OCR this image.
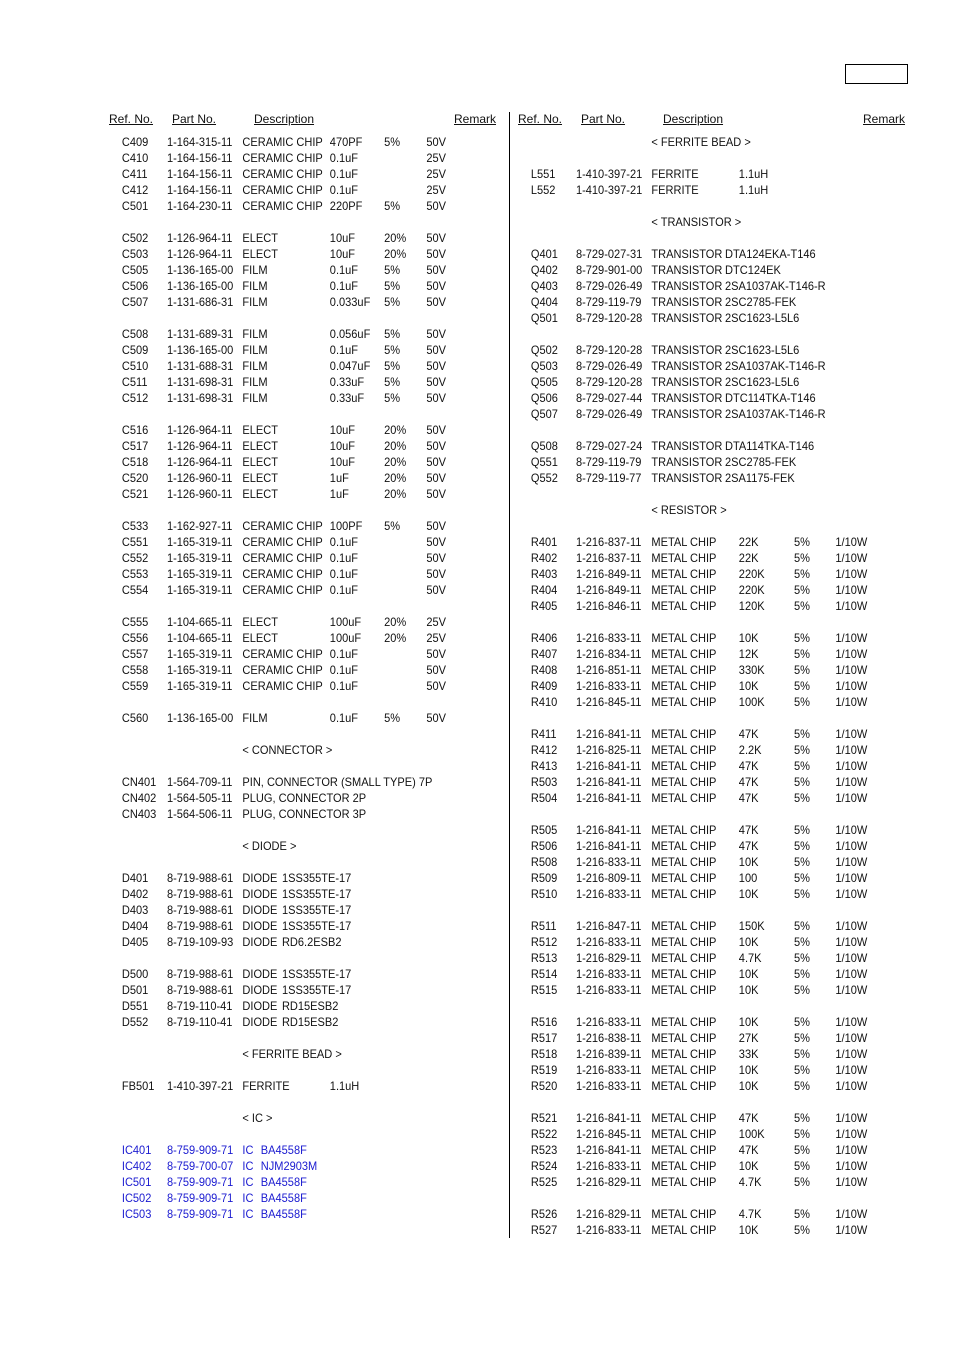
Ref. No. Part No.	Description	Remark
C409 1-164-315-11 CERAMIC CHIP 470PF 5% 50V
C410 1-164-156-11 CERAMIC CHIP 0.1uF	25V
C411 1-164-156-11 CERAMIC CHIP 0.1uF	25V
C412 1-164-156-11 CERAMIC CHIP 0.1uF	25V
C501 1-164-230-11 CERAMIC CHIP 220PF 5% 50V
C502 1-126-964-11 ELECT	10uF 20% 50V
C503 1-126-964-11 ELECT	10uF 20% 50V
C505 1-136-165-00 FILM	0.1uF 5% 50V
C506 1-136-165-00 FILM	0.1uF 5% 50V
C507 1-131-686-31 FILM	0.033uF 5% 50V
C508 1-131-689-31 FILM	0.056uF 5% 50V
C509 1-136-165-00 FILM	0.1uF 5% 50V
C510 1-131-688-31 FILM	0.047uF 5% 50V
C511 1-131-698-31 FILM	0.33uF 5% 50V
C512 1-131-698-31 FILM	0.33uF 5% 50V
C516 1-126-964-11 ELECT	10uF 20% 50V
C517 1-126-964-11 ELECT	10uF 20% 50V
C518 1-126-964-11 ELECT	10uF 20% 50V
C520 1-126-960-11 ELECT	1uF	20% 50V
C521 1-126-960-11 ELECT	1uF	20% 50V
C533 1-162-927-11 CERAMIC CHIP 100PF 5% 50V
C551 1-165-319-11 CERAMIC CHIP 0.1uF	50V
C552 1-165-319-11 CERAMIC CHIP 0.1uF	50V
C553 1-165-319-11 CERAMIC CHIP 0.1uF	50V
C554 1-165-319-11 CERAMIC CHIP 0.1uF	50V
C555 1-104-665-11 ELECT	100uF 20% 25V
C556 1-104-665-11 ELECT	100uF 20% 25V
C557 1-165-319-11 CERAMIC CHIP 0.1uF	50V
C558 1-165-319-11 CERAMIC CHIP 0.1uF	50V
C559 1-165-319-11 CERAMIC CHIP 0.1uF	50V
C560 1-136-165-00 FILM	0.1uF 5% 50V
< CONNECTOR >
CN401 1-564-709-11 PIN, CONNECTOR (SMALL TYPE) 7P
CN402 1-564-505-11 PLUG, CONNECTOR 2P
CN403 1-564-506-11 PLUG, CONNECTOR 3P
< DIODE >
D401 8-719-988-61 DIODE 1SS355TE-17
D402 8-719-988-61 DIODE 1SS355TE-17
D403 8-719-988-61 DIODE 1SS355TE-17
D404 8-719-988-61 DIODE 1SS355TE-17
D405 8-719-109-93 DIODE RD6.2ESB2
D500 8-719-988-61 DIODE 1SS355TE-17
D501 8-719-988-61 DIODE 1SS355TE-17
D551 8-719-110-41 DIODE RD15ESB2
D552 8-719-110-41 DIODE RD15ESB2
< FERRITE BEAD >
FB501 1-410-397-21 FERRITE	1.1uH
< IC >
IC401 8-759-909-71 IC BA4558F
IC402 8-759-700-07 IC NJM2903M
IC501 8-759-909-71 IC BA4558F
IC502 8-759-909-71 IC BA4558F
IC503 8-759-909-71 IC BA4558F
Ref. No. Part No.	Description	Remark
< FERRITE BEAD >
L551 1-410-397-21 FERRITE	1.1uH
L552 1-410-397-21 FERRITE	1.1uH
< TRANSISTOR >
Q401 8-729-027-31 TRANSISTOR DTA124EKA-T146
Q402 8-729-901-00 TRANSISTOR DTC124EK
Q403 8-729-026-49 TRANSISTOR 2SA1037AK-T146-R
Q404 8-729-119-79 TRANSISTOR 2SC2785-FEK
Q501 8-729-120-28 TRANSISTOR 2SC1623-L5L6
Q502 8-729-120-28 TRANSISTOR 2SC1623-L5L6
Q503 8-729-026-49 TRANSISTOR 2SA1037AK-T146-R
Q505 8-729-120-28 TRANSISTOR 2SC1623-L5L6
Q506 8-729-027-44 TRANSISTOR DTC114TKA-T146
Q507 8-729-026-49 TRANSISTOR 2SA1037AK-T146-R
Q508 8-729-027-24 TRANSISTOR DTA114TKA-T146
Q551 8-729-119-79 TRANSISTOR 2SC2785-FEK
Q552 8-729-119-77 TRANSISTOR 2SA1175-FEK
< RESISTOR >
R401 1-216-837-11 METAL CHIP 22K	5% 1/10W
R402 1-216-837-11 METAL CHIP 22K	5% 1/10W
R403 1-216-849-11 METAL CHIP 220K 5% 1/10W
R404 1-216-849-11 METAL CHIP 220K 5% 1/10W
R405 1-216-846-11 METAL CHIP 120K 5% 1/10W
R406 1-216-833-11 METAL CHIP 10K	5% 1/10W
R407 1-216-834-11 METAL CHIP 12K	5% 1/10W
R408 1-216-851-11 METAL CHIP 330K 5% 1/10W
R409 1-216-833-11 METAL CHIP 10K	5% 1/10W
R410 1-216-845-11 METAL CHIP 100K 5% 1/10W
R411 1-216-841-11 METAL CHIP 47K	5% 1/10W
R412 1-216-825-11 METAL CHIP 2.2K	5% 1/10W
R413 1-216-841-11 METAL CHIP 47K	5% 1/10W
R503 1-216-841-11 METAL CHIP 47K	5% 1/10W
R504 1-216-841-11 METAL CHIP 47K	5% 1/10W
R505 1-216-841-11 METAL CHIP 47K	5% 1/10W
R506 1-216-841-11 METAL CHIP 47K	5% 1/10W
R508 1-216-833-11 METAL CHIP 10K	5% 1/10W
R509 1-216-809-11 METAL CHIP 100	5% 1/10W
R510 1-216-833-11 METAL CHIP 10K	5% 1/10W
R511 1-216-847-11 METAL CHIP 150K 5% 1/10W
R512 1-216-833-11 METAL CHIP 10K	5% 1/10W
R513 1-216-829-11 METAL CHIP 4.7K	5% 1/10W
R514 1-216-833-11 METAL CHIP 10K	5% 1/10W
R515 1-216-833-11 METAL CHIP 10K	5% 1/10W
R516 1-216-833-11 METAL CHIP 10K	5% 1/10W
R517 1-216-838-11 METAL CHIP 27K	5% 1/10W
R518 1-216-839-11 METAL CHIP 33K	5% 1/10W
R519 1-216-833-11 METAL CHIP 10K	5% 1/10W
R520 1-216-833-11 METAL CHIP 10K	5% 1/10W
R521 1-216-841-11 METAL CHIP 47K	5% 1/10W
R522 1-216-845-11 METAL CHIP 100K 5% 1/10W
R523 1-216-841-11 METAL CHIP 47K	5% 1/10W
R524 1-216-833-11 METAL CHIP 10K	5% 1/10W
R525 1-216-829-11 METAL CHIP 4.7K	5% 1/10W
R526 1-216-829-11 METAL CHIP 4.7K	5% 1/10W
R527 1-216-833-11 METAL CHIP 10K	5% 1/10W
